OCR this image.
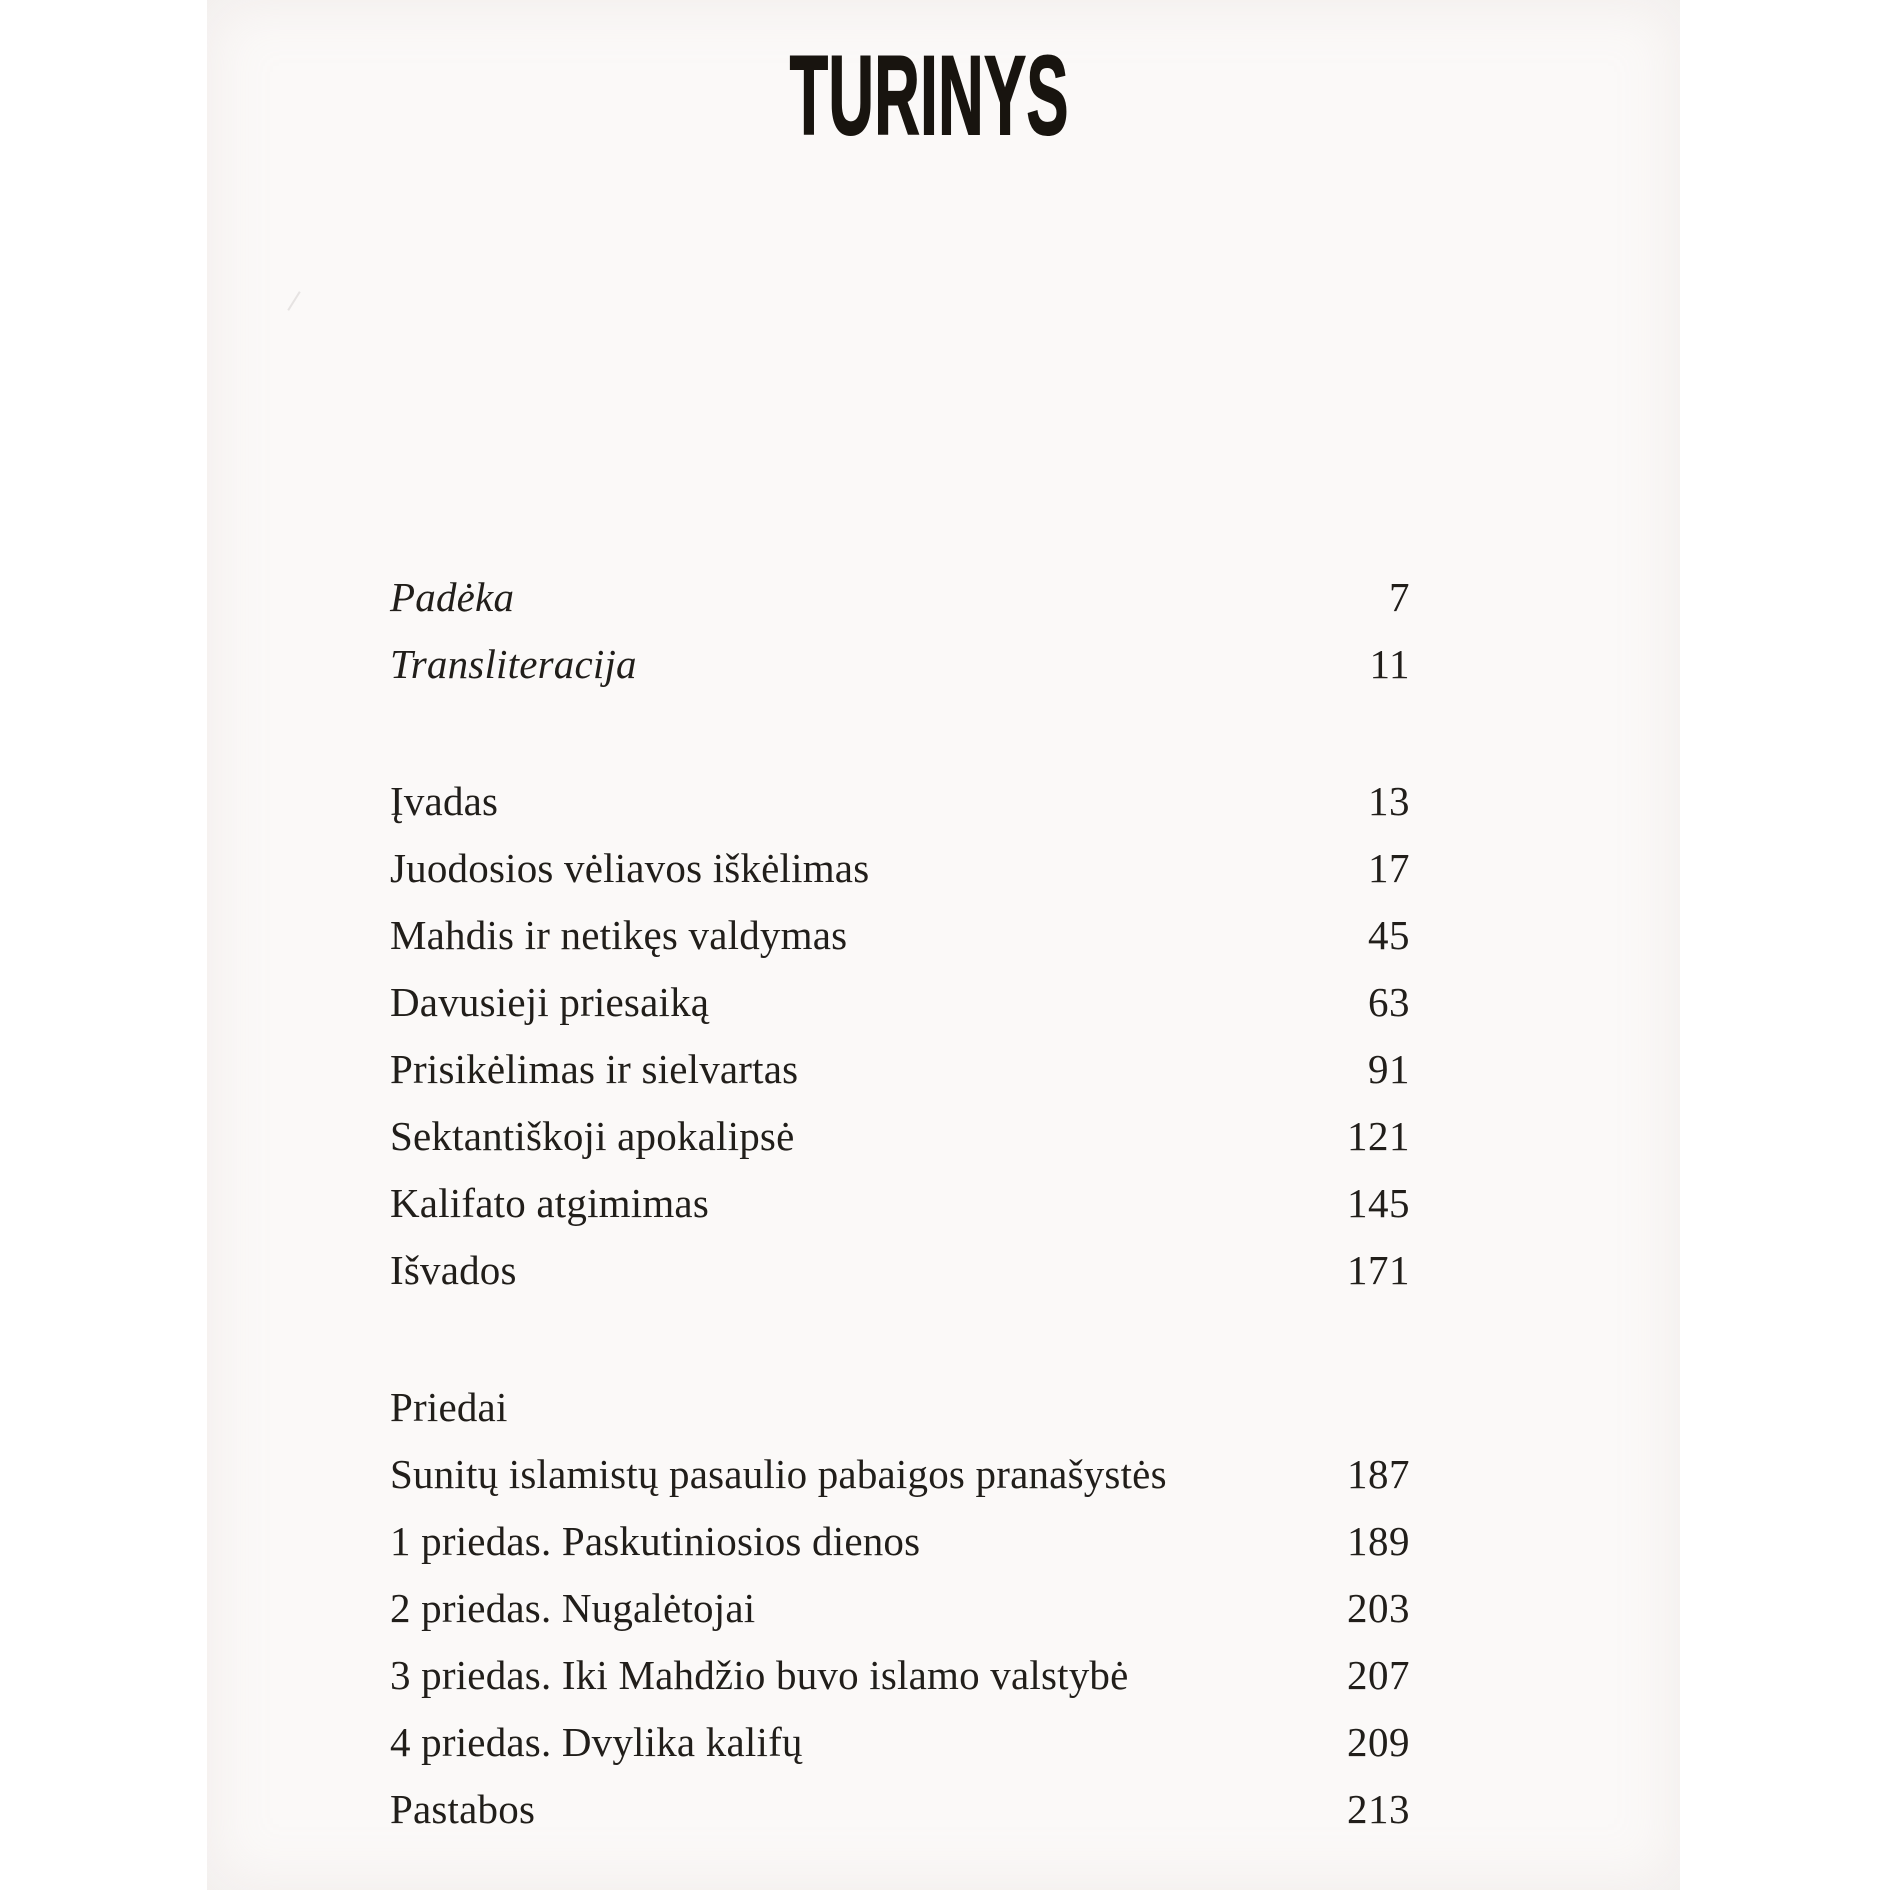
TURINYS
Padėka	7
Transliteracija	11
Įvadas	13
Juodosios vėliavos iškėlimas	17
Mahdis ir netikęs valdymas	45
Davusieji priesaiką	63
Prisikėlimas ir sielvartas	91
Sektantiškoji apokalipsė	121
Kalifato atgimimas	145
Išvados	171
Priedai
Sunitų islamistų pasaulio pabaigos pranašystės	187
1 priedas. Paskutiniosios dienos	189
2 priedas. Nugalėtojai	203
3 priedas. Iki Mahdžio buvo islamo valstybė	207
4 priedas. Dvylika kalifų	209
Pastabos	213
